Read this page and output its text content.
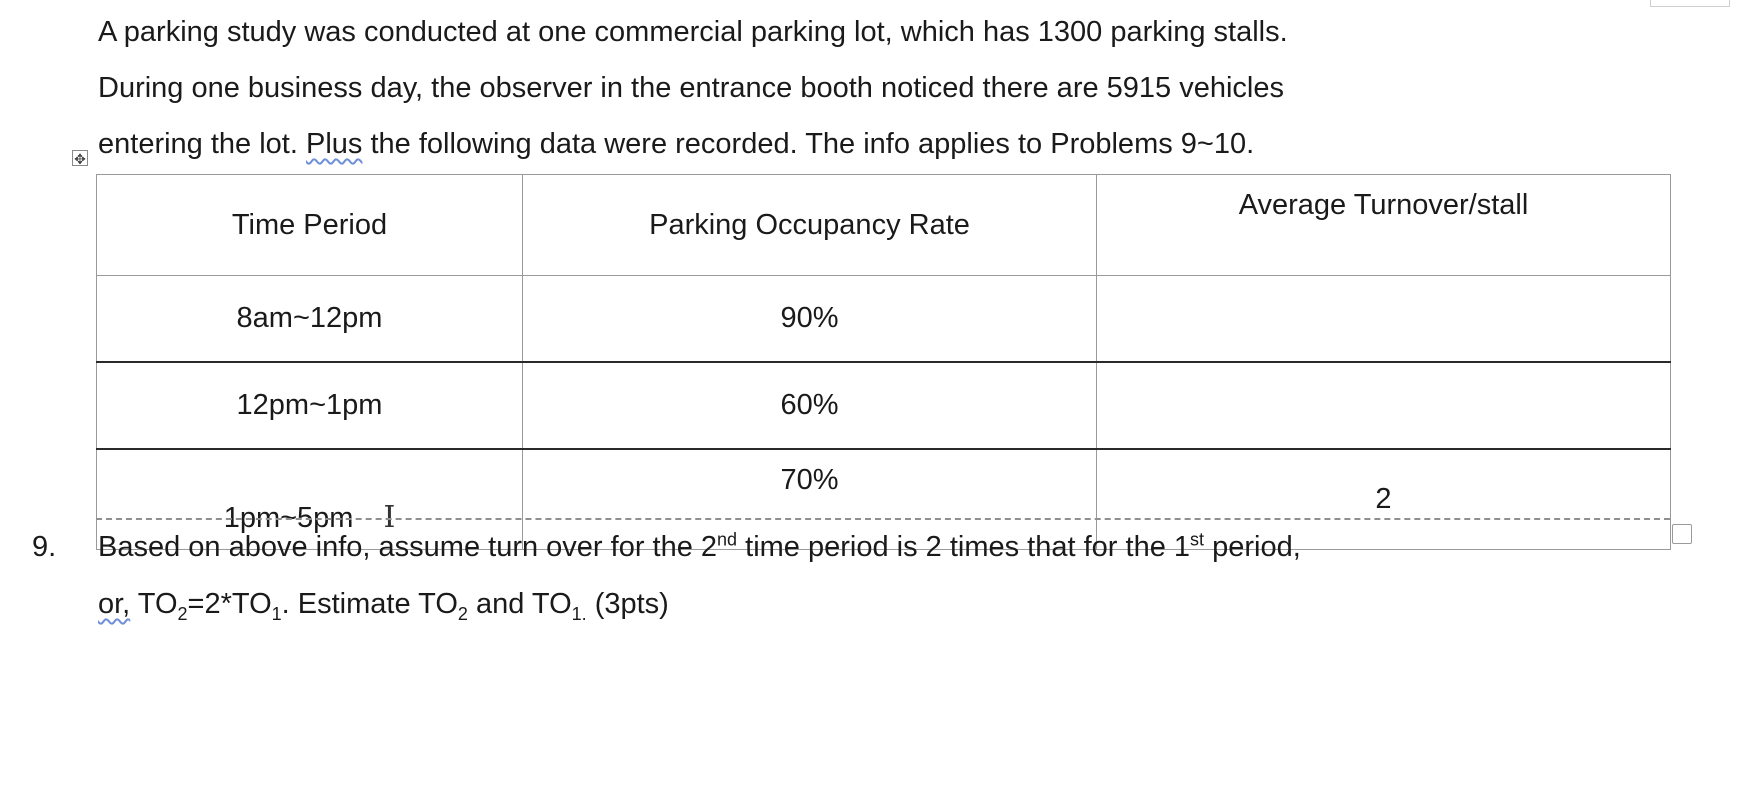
A parking study was conducted at one commercial parking lot, which has 1300 parking stalls.
During one business day, the observer in the entrance booth noticed there are 5915 vehicles
entering the lot. Plus the following data were recorded. The info applies to Problems 9~10.
✥
Time Period	Parking Occupancy Rate	Average Turnover/stall
8am~12pm	90%	
12pm~1pm	60%	
1pm~5pm I	70%	2
9. Based on above info, assume turn over for the 2nd time period is 2 times that for the 1st period,
or, $TO_2=2*TO_1$. Estimate $TO_2$ and $TO_{1.}$ (3pts)
